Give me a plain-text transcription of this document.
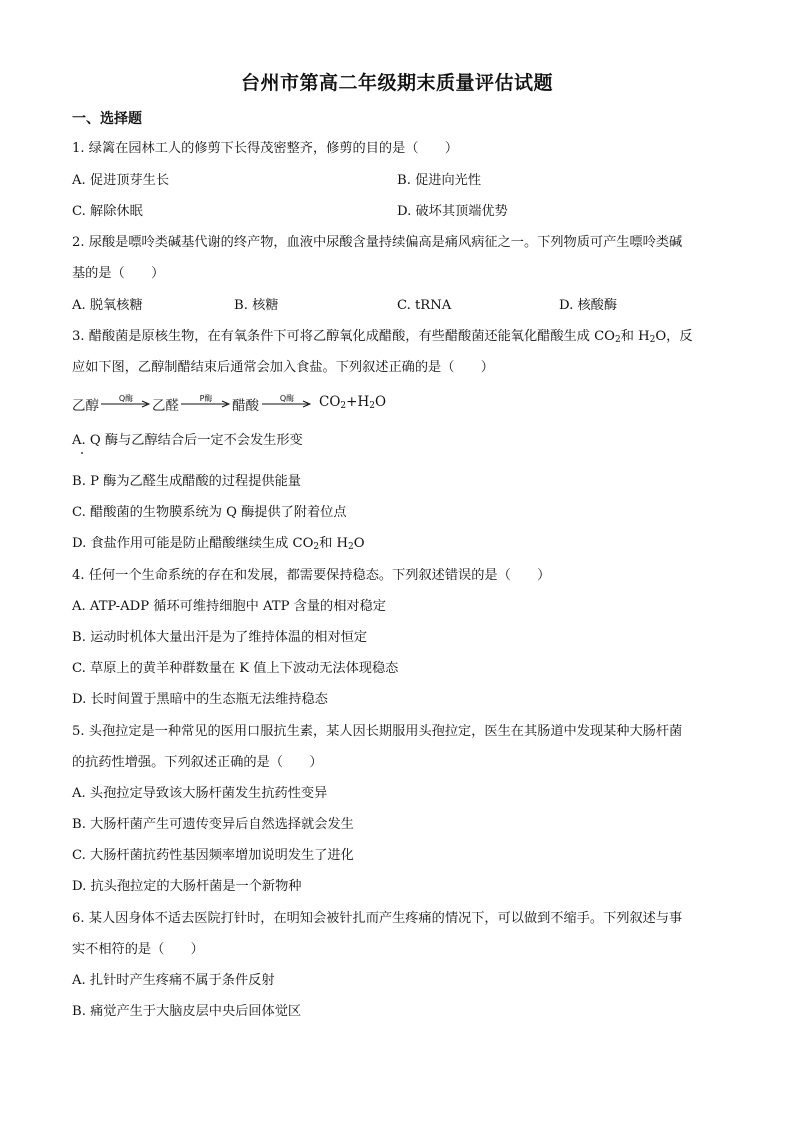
台州市第高二年级期末质量评估试题
一、选择题
1. 绿篱在园林工人的修剪下长得茂密整齐，修剪的目的是（　　）
A. 促进顶芽生长	B. 促进向光性
C. 解除休眠	D. 破坏其顶端优势
2. 尿酸是嘌呤类碱基代谢的终产物，血液中尿酸含量持续偏高是痛风病征之一。下列物质可产生嘌呤类碱
基的是（　　）
A. 脱氧核糖	B. 核糖	C. tRNA	D. 核酸酶
3. 醋酸菌是原核生物，在有氧条件下可将乙醇氧化成醋酸，有些醋酸菌还能氧化醋酸生成 $CO_2$和 $H_2O$，反
应如下图，乙醇制醋结束后通常会加入食盐。下列叙述正确的是（　　）
乙醇	Q酶	乙醛	P酶	醋酸	Q酶	$CO_2+H_2O$
A. Q 酶与乙醇结合后一定不会发生形变
B. P 酶为乙醛生成醋酸的过程提供能量
C. 醋酸菌的生物膜系统为 Q 酶提供了附着位点
D. 食盐作用可能是防止醋酸继续生成 $CO_2$和 $H_2O$
4. 任何一个生命系统的存在和发展，都需要保持稳态。下列叙述错误的是（　　）
A. ATP-ADP 循环可维持细胞中 ATP 含量的相对稳定
B. 运动时机体大量出汗是为了维持体温的相对恒定
C. 草原上的黄羊种群数量在 K 值上下波动无法体现稳态
D. 长时间置于黑暗中的生态瓶无法维持稳态
5. 头孢拉定是一种常见的医用口服抗生素，某人因长期服用头孢拉定，医生在其肠道中发现某种大肠杆菌
的抗药性增强。下列叙述正确的是（　　）
A. 头孢拉定导致该大肠杆菌发生抗药性变异
B. 大肠杆菌产生可遗传变异后自然选择就会发生
C. 大肠杆菌抗药性基因频率增加说明发生了进化
D. 抗头孢拉定的大肠杆菌是一个新物种
6. 某人因身体不适去医院打针时，在明知会被针扎而产生疼痛的情况下，可以做到不缩手。下列叙述与事
实不相符的是（　　）
A. 扎针时产生疼痛不属于条件反射
B. 痛觉产生于大脑皮层中央后回体觉区
